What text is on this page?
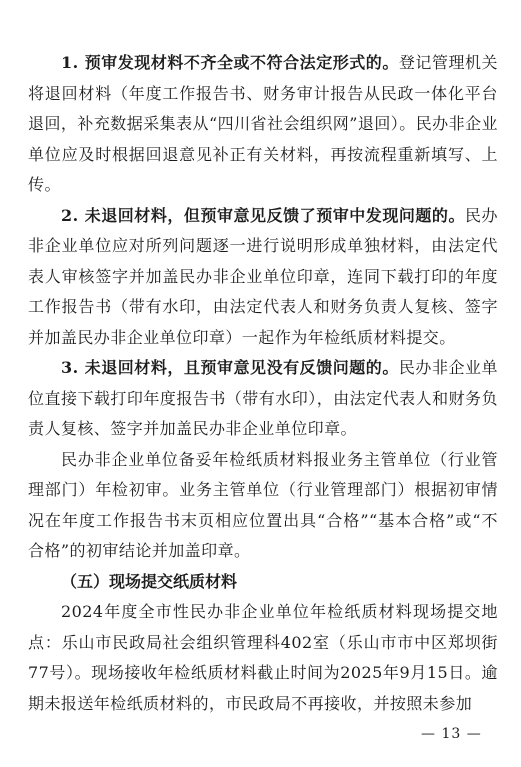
1. 预审发现材料不齐全或不符合法定形式的。登记管理机关将退回材料（年度工作报告书、财务审计报告从民政一体化平台退回，补充数据采集表从“四川省社会组织网”退回）。民办非企业单位应及时根据回退意见补正有关材料，再按流程重新填写、上传。

2. 未退回材料，但预审意见反馈了预审中发现问题的。民办非企业单位应对所列问题逐一进行说明形成单独材料，由法定代表人审核签字并加盖民办非企业单位印章，连同下载打印的年度工作报告书（带有水印，由法定代表人和财务负责人复核、签字并加盖民办非企业单位印章）一起作为年检纸质材料提交。

3. 未退回材料，且预审意见没有反馈问题的。民办非企业单位直接下载打印年度报告书（带有水印），由法定代表人和财务负责人复核、签字并加盖民办非企业单位印章。

民办非企业单位备妥年检纸质材料报业务主管单位（行业管理部门）年检初审。业务主管单位（行业管理部门）根据初审情况在年度工作报告书末页相应位置出具“合格”“基本合格”或“不合格”的初审结论并加盖印章。

（五）现场提交纸质材料

2024年度全市性民办非企业单位年检纸质材料现场提交地点：乐山市民政局社会组织管理科402室（乐山市市中区郑坝街77号）。现场接收年检纸质材料截止时间为2025年9月15日。逾期未报送年检纸质材料的，市民政局不再接收，并按照未参加

— 13 —
